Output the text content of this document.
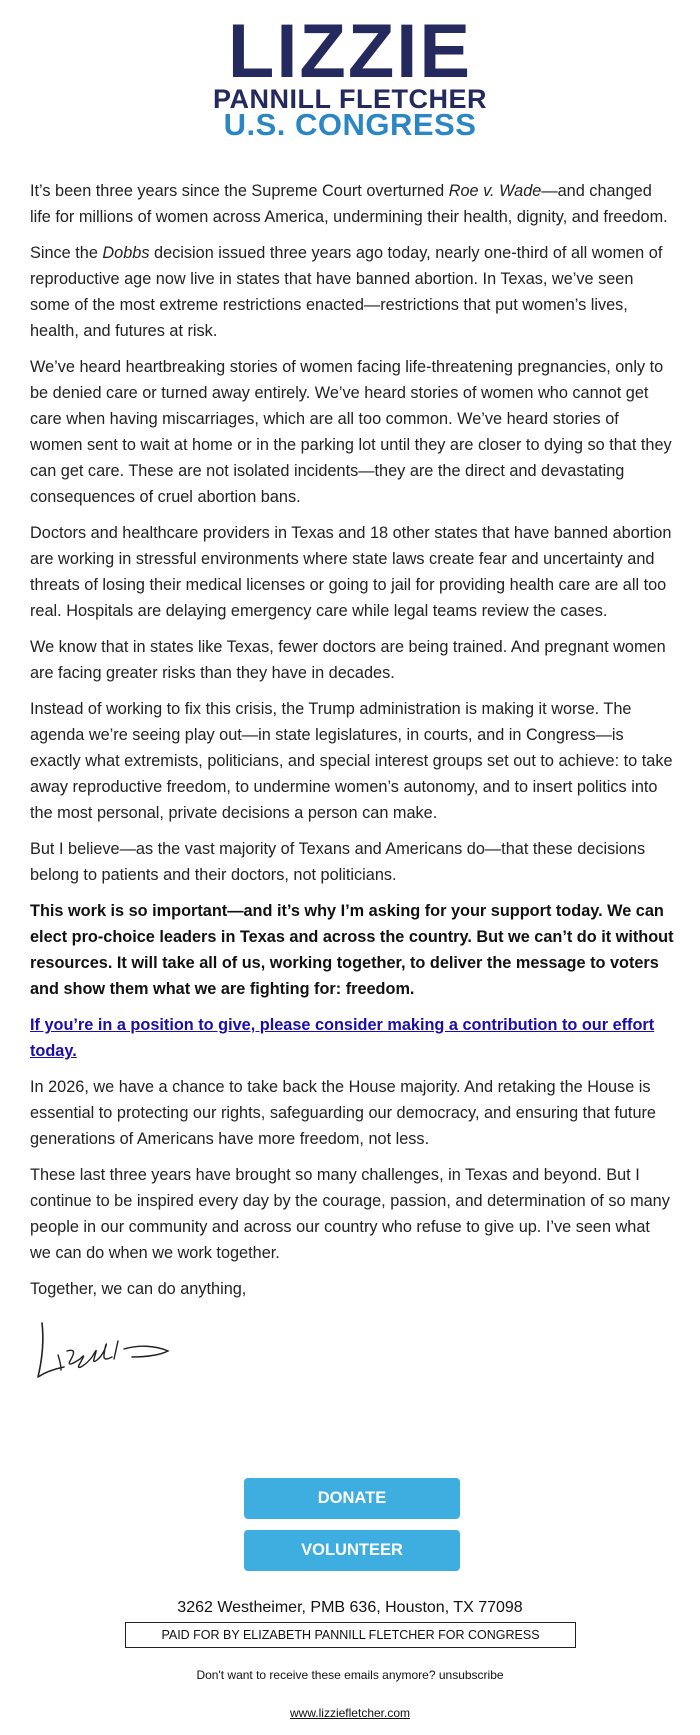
LIZZIE
PANNILL FLETCHER
U.S. CONGRESS

It’s been three years since the Supreme Court overturned Roe v. Wade—and changed life for millions of women across America, undermining their health, dignity, and freedom.

Since the Dobbs decision issued three years ago today, nearly one-third of all women of reproductive age now live in states that have banned abortion. In Texas, we’ve seen some of the most extreme restrictions enacted—restrictions that put women’s lives, health, and futures at risk.

We’ve heard heartbreaking stories of women facing life-threatening pregnancies, only to be denied care or turned away entirely. We’ve heard stories of women who cannot get care when having miscarriages, which are all too common. We’ve heard stories of women sent to wait at home or in the parking lot until they are closer to dying so that they can get care. These are not isolated incidents—they are the direct and devastating consequences of cruel abortion bans.

Doctors and healthcare providers in Texas and 18 other states that have banned abortion are working in stressful environments where state laws create fear and uncertainty and threats of losing their medical licenses or going to jail for providing health care are all too real. Hospitals are delaying emergency care while legal teams review the cases.

We know that in states like Texas, fewer doctors are being trained. And pregnant women are facing greater risks than they have in decades.

Instead of working to fix this crisis, the Trump administration is making it worse. The agenda we’re seeing play out—in state legislatures, in courts, and in Congress—is exactly what extremists, politicians, and special interest groups set out to achieve: to take away reproductive freedom, to undermine women’s autonomy, and to insert politics into the most personal, private decisions a person can make.

But I believe—as the vast majority of Texans and Americans do—that these decisions belong to patients and their doctors, not politicians.

This work is so important—and it’s why I’m asking for your support today. We can elect pro-choice leaders in Texas and across the country. But we can’t do it without resources. It will take all of us, working together, to deliver the message to voters and show them what we are fighting for: freedom.

If you’re in a position to give, please consider making a contribution to our effort today.

In 2026, we have a chance to take back the House majority. And retaking the House is essential to protecting our rights, safeguarding our democracy, and ensuring that future generations of Americans have more freedom, not less.

These last three years have brought so many challenges, in Texas and beyond. But I continue to be inspired every day by the courage, passion, and determination of so many people in our community and across our country who refuse to give up. I’ve seen what we can do when we work together.

Together, we can do anything,

DONATE
VOLUNTEER
3262 Westheimer, PMB 636, Houston, TX 77098
PAID FOR BY ELIZABETH PANNILL FLETCHER FOR CONGRESS
Don't want to receive these emails anymore? unsubscribe
www.lizziefletcher.com
